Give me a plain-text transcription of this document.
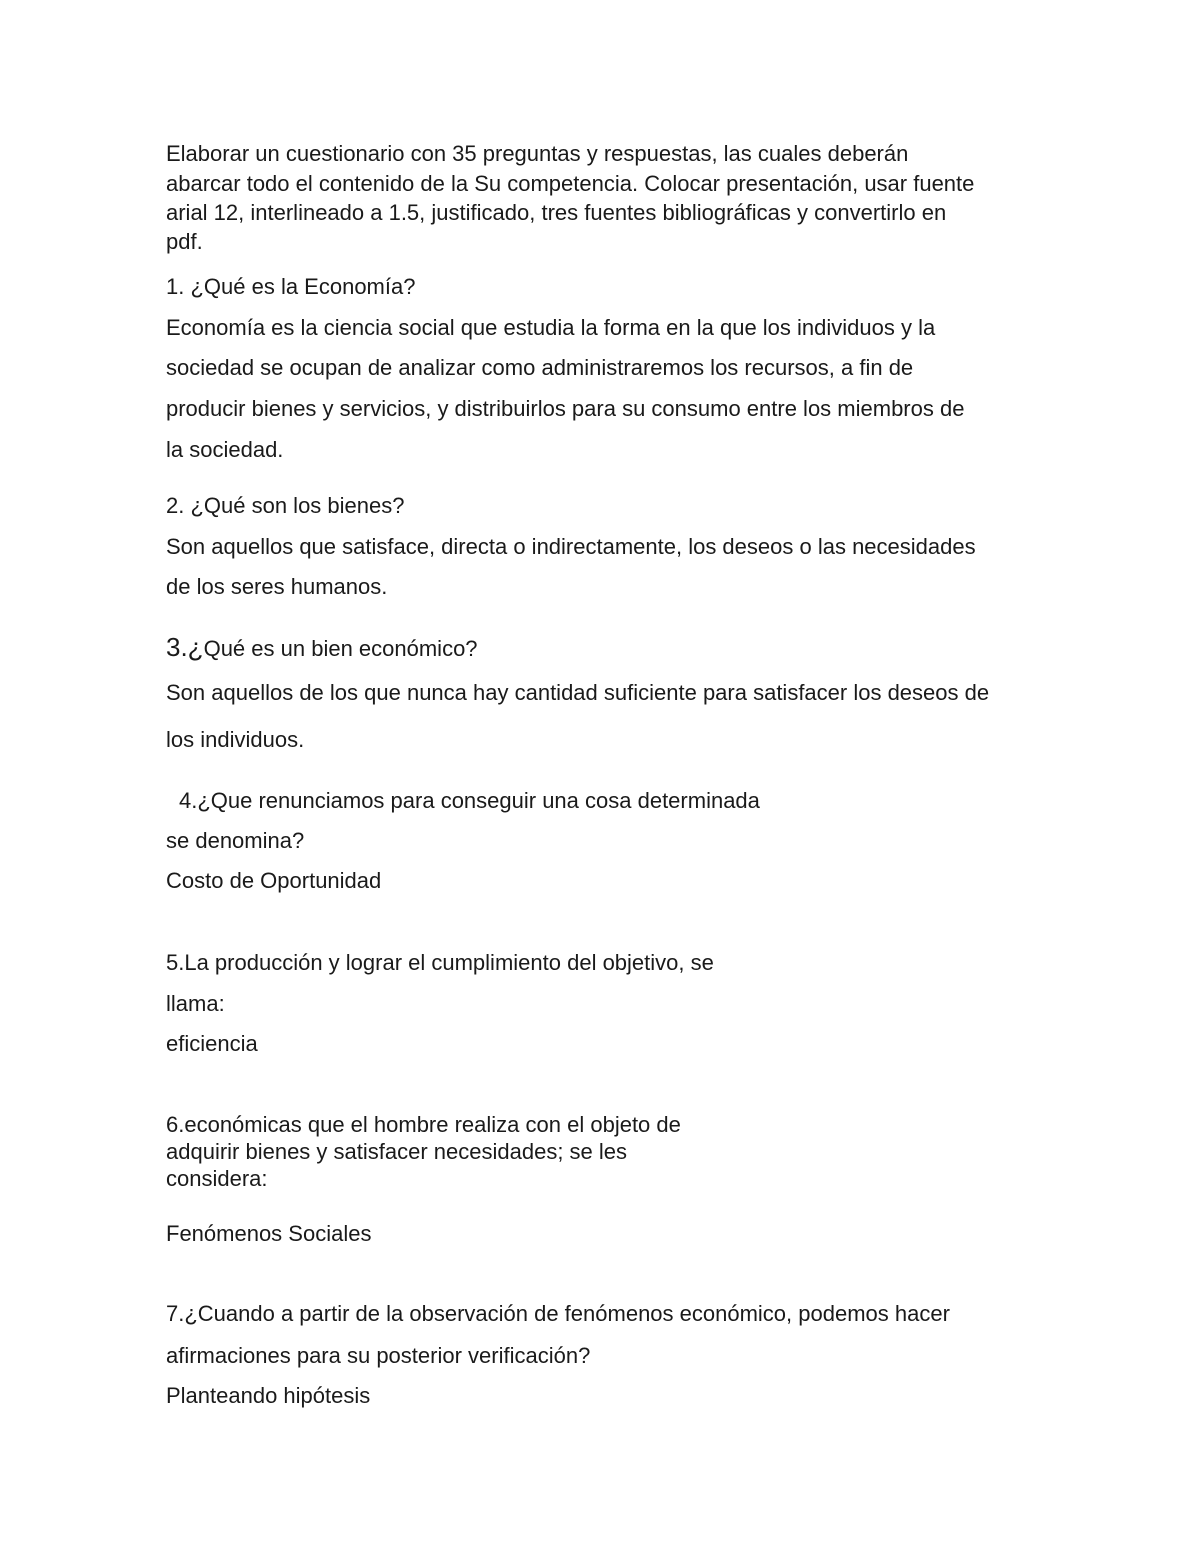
Elaborar un cuestionario con 35 preguntas y respuestas, las cuales deberán

abarcar todo el contenido de la Su competencia. Colocar presentación, usar fuente

arial 12, interlineado a 1.5, justificado, tres fuentes bibliográficas y convertirlo en

pdf.

1. ¿Qué es la Economía?

Economía es la ciencia social que estudia la forma en la que los individuos y la

sociedad se ocupan de analizar como administraremos los recursos, a fin de

producir bienes y servicios, y distribuirlos para su consumo entre los miembros de

la sociedad.

2. ¿Qué son los bienes?

Son aquellos que satisface, directa o indirectamente, los deseos o las necesidades

de los seres humanos.

3.¿Qué es un bien económico?

Son aquellos de los que nunca hay cantidad suficiente para satisfacer los deseos de

los individuos.

4.¿Que renunciamos para conseguir una cosa determinada

se denomina?

Costo de Oportunidad

5.La producción y lograr el cumplimiento del objetivo, se

llama:

eficiencia

6.económicas que el hombre realiza con el objeto de

adquirir bienes y satisfacer necesidades; se les

considera:

Fenómenos Sociales

7.¿Cuando a partir de la observación de fenómenos económico, podemos hacer

afirmaciones para su posterior verificación?

Planteando hipótesis
